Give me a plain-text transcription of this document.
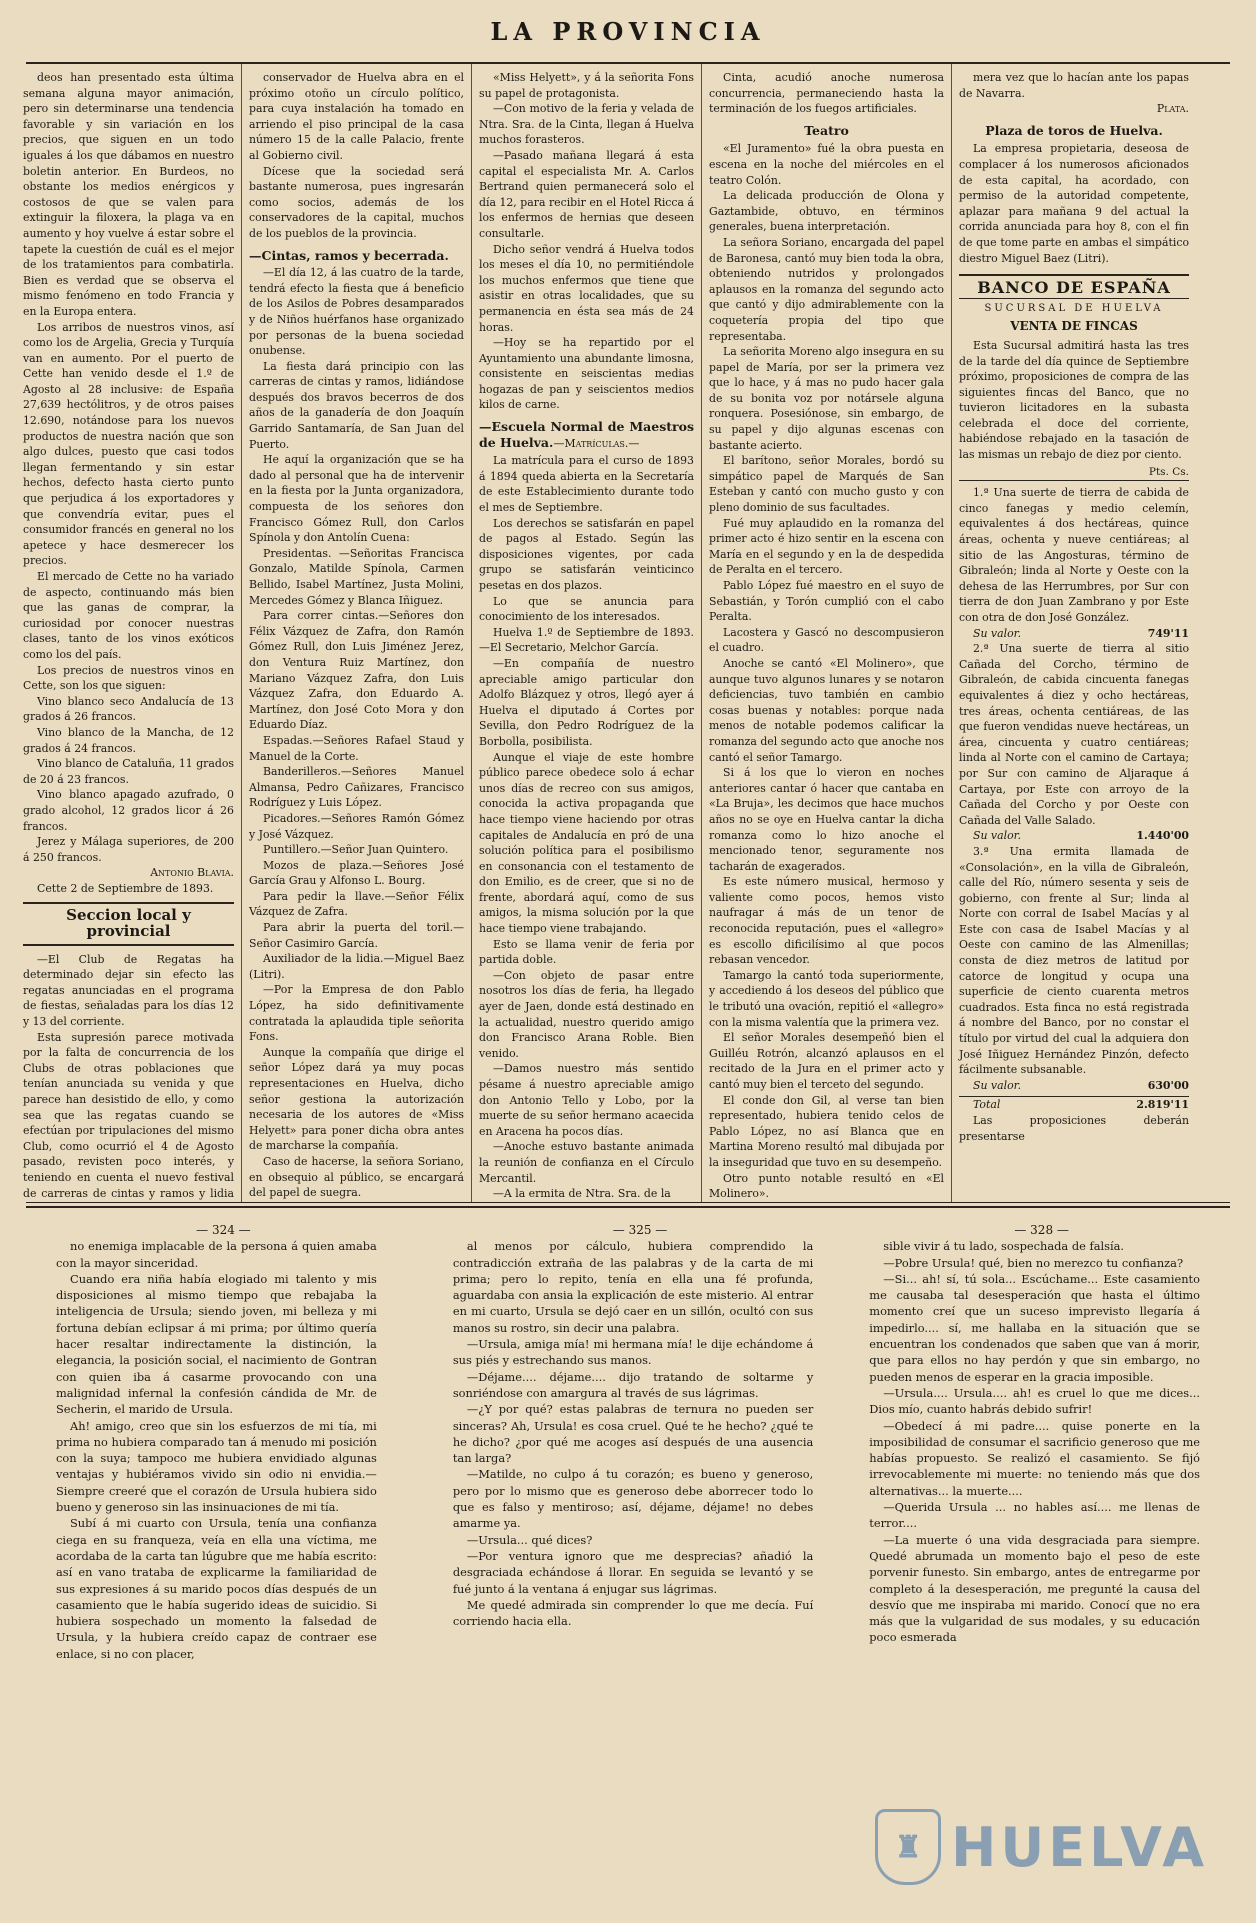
LA PROVINCIA

deos han presentado esta última semana alguna mayor animación, pero sin determinarse una tendencia favorable y sin variación en los precios, que siguen en un todo iguales á los que dábamos en nuestro boletin anterior. En Burdeos, no obstante los medios enérgicos y costosos de que se valen para extinguir la filoxera, la plaga va en aumento y hoy vuelve á estar sobre el tapete la cuestión de cuál es el mejor de los tratamientos para combatirla. Bien es verdad que se observa el mismo fenómeno en todo Francia y en la Europa entera.

Los arribos de nuestros vinos, así como los de Argelia, Grecia y Turquía van en aumento. Por el puerto de Cette han venido desde el 1.º de Agosto al 28 inclusive: de España 27,639 hectólitros, y de otros paises 12.690, notándose para los nuevos productos de nuestra nación que son algo dulces, puesto que casi todos llegan fermentando y sin estar hechos, defecto hasta cierto punto que perjudica á los exportadores y que convendría evitar, pues el consumidor francés en general no los apetece y hace desmerecer los precios.

El mercado de Cette no ha variado de aspecto, continuando más bien que las ganas de comprar, la curiosidad por conocer nuestras clases, tanto de los vinos exóticos como los del país.

Los precios de nuestros vinos en Cette, son los que siguen:

Vino blanco seco Andalucía de 13 grados á 26 francos.

Vino blanco de la Mancha, de 12 grados á 24 francos.

Vino blanco de Cataluña, 11 grados de 20 á 23 francos.

Vino blanco apagado azufrado, 0 grado alcohol, 12 grados licor á 26 francos.

Jerez y Málaga superiores, de 200 á 250 francos.

Antonio Blavia.

Cette 2 de Septiembre de 1893.

Seccion local y provincial

—El Club de Regatas ha determinado dejar sin efecto las regatas anunciadas en el programa de fiestas, señaladas para los días 12 y 13 del corriente.

Esta supresión parece motivada por la falta de concurrencia de los Clubs de otras poblaciones que tenían anunciada su venida y que parece han desistido de ello, y como sea que las regatas cuando se efectúan por tripulaciones del mismo Club, como ocurrió el 4 de Agosto pasado, revisten poco interés, y teniendo en cuenta el nuevo festival de carreras de cintas y ramos y lidia

conservador de Huelva abra en el próximo otoño un círculo político, para cuya instalación ha tomado en arriendo el piso principal de la casa número 15 de la calle Palacio, frente al Gobierno civil.

Dícese que la sociedad será bastante numerosa, pues ingresarán como socios, además de los conservadores de la capital, muchos de los pueblos de la provincia.

—Cintas, ramos y becerrada.

—El día 12, á las cuatro de la tarde, tendrá efecto la fiesta que á beneficio de los Asilos de Pobres desamparados y de Niños huérfanos hase organizado por personas de la buena sociedad onubense.

La fiesta dará principio con las carreras de cintas y ramos, lidiándose después dos bravos becerros de dos años de la ganadería de don Joaquín Garrido Santamaría, de San Juan del Puerto.

He aquí la organización que se ha dado al personal que ha de intervenir en la fiesta por la Junta organizadora, compuesta de los señores don Francisco Gómez Rull, don Carlos Spínola y don Antolín Cuena:

Presidentas. —Señoritas Francisca Gonzalo, Matilde Spínola, Carmen Bellido, Isabel Martínez, Justa Molini, Mercedes Gómez y Blanca Iñiguez.

Para correr cintas.—Señores don Félix Vázquez de Zafra, don Ramón Gómez Rull, don Luis Jiménez Jerez, don Ventura Ruiz Martínez, don Mariano Vázquez Zafra, don Luis Vázquez Zafra, don Eduardo A. Martínez, don José Coto Mora y don Eduardo Díaz.

Espadas.—Señores Rafael Staud y Manuel de la Corte.

Banderilleros.—Señores Manuel Almansa, Pedro Cañizares, Francisco Rodríguez y Luis López.

Picadores.—Señores Ramón Gómez y José Vázquez.

Puntillero.—Señor Juan Quintero.

Mozos de plaza.—Señores José García Grau y Alfonso L. Bourg.

Para pedir la llave.—Señor Félix Vázquez de Zafra.

Para abrir la puerta del toril.—Señor Casimiro García.

Auxiliador de la lidia.—Miguel Baez (Litri).

—Por la Empresa de don Pablo López, ha sido definitivamente contratada la aplaudida tiple señorita Fons.

Aunque la compañía que dirige el señor López dará ya muy pocas representaciones en Huelva, dicho señor gestiona la autorización necesaria de los autores de «Miss Helyett» para poner dicha obra antes de marcharse la compañía.

Caso de hacerse, la señora Soriano, en obsequio al público, se encargará del papel de suegra.

«Miss Helyett», y á la señorita Fons su papel de protagonista.

—Con motivo de la feria y velada de Ntra. Sra. de la Cinta, llegan á Huelva muchos forasteros.

—Pasado mañana llegará á esta capital el especialista Mr. A. Carlos Bertrand quien permanecerá solo el día 12, para recibir en el Hotel Ricca á los enfermos de hernias que deseen consultarle.

Dicho señor vendrá á Huelva todos los meses el día 10, no permitiéndole los muchos enfermos que tiene que asistir en otras localidades, que su permanencia en ésta sea más de 24 horas.

—Hoy se ha repartido por el Ayuntamiento una abundante limosna, consistente en seiscientas medias hogazas de pan y seiscientos medios kilos de carne.

—Escuela Normal de Maestros de Huelva.—Matrículas.—

La matrícula para el curso de 1893 á 1894 queda abierta en la Secretaría de este Establecimiento durante todo el mes de Septiembre.

Los derechos se satisfarán en papel de pagos al Estado. Según las disposiciones vigentes, por cada grupo se satisfarán veinticinco pesetas en dos plazos.

Lo que se anuncia para conocimiento de los interesados.

Huelva 1.º de Septiembre de 1893.—El Secretario, Melchor García.

—En compañía de nuestro apreciable amigo particular don Adolfo Blázquez y otros, llegó ayer á Huelva el diputado á Cortes por Sevilla, don Pedro Rodríguez de la Borbolla, posibilista.

Aunque el viaje de este hombre público parece obedece solo á echar unos días de recreo con sus amigos, conocida la activa propaganda que hace tiempo viene haciendo por otras capitales de Andalucía en pró de una solución política para el posibilismo en consonancia con el testamento de don Emilio, es de creer, que si no de frente, abordará aquí, como de sus amigos, la misma solución por la que hace tiempo viene trabajando.

Esto se llama venir de feria por partida doble.

—Con objeto de pasar entre nosotros los días de feria, ha llegado ayer de Jaen, donde está destinado en la actualidad, nuestro querido amigo don Francisco Arana Roble. Bien venido.

—Damos nuestro más sentido pésame á nuestro apreciable amigo don Antonio Tello y Lobo, por la muerte de su señor hermano acaecida en Aracena ha pocos días.

—Anoche estuvo bastante animada la reunión de confianza en el Círculo Mercantil.

—A la ermita de Ntra. Sra. de la

Cinta, acudió anoche numerosa concurrencia, permaneciendo hasta la terminación de los fuegos artificiales.

Teatro

«El Juramento» fué la obra puesta en escena en la noche del miércoles en el teatro Colón.

La delicada producción de Olona y Gaztambide, obtuvo, en términos generales, buena interpretación.

La señora Soriano, encargada del papel de Baronesa, cantó muy bien toda la obra, obteniendo nutridos y prolongados aplausos en la romanza del segundo acto que cantó y dijo admirablemente con la coquetería propia del tipo que representaba.

La señorita Moreno algo insegura en su papel de María, por ser la primera vez que lo hace, y á mas no pudo hacer gala de su bonita voz por notársele alguna ronquera. Posesiónose, sin embargo, de su papel y dijo algunas escenas con bastante acierto.

El barítono, señor Morales, bordó su simpático papel de Marqués de San Esteban y cantó con mucho gusto y con pleno dominio de sus facultades.

Fué muy aplaudido en la romanza del primer acto é hizo sentir en la escena con María en el segundo y en la de despedida de Peralta en el tercero.

Pablo López fué maestro en el suyo de Sebastián, y Torón cumplió con el cabo Peralta.

Lacostera y Gascó no descompusieron el cuadro.

Anoche se cantó «El Molinero», que aunque tuvo algunos lunares y se notaron deficiencias, tuvo también en cambio cosas buenas y notables: porque nada menos de notable podemos calificar la romanza del segundo acto que anoche nos cantó el señor Tamargo.

Si á los que lo vieron en noches anteriores cantar ó hacer que cantaba en «La Bruja», les decimos que hace muchos años no se oye en Huelva cantar la dicha romanza como lo hizo anoche el mencionado tenor, seguramente nos tacharán de exagerados.

Es este número musical, hermoso y valiente como pocos, hemos visto naufragar á más de un tenor de reconocida reputación, pues el «allegro» es escollo dificilísimo al que pocos rebasan vencedor.

Tamargo la cantó toda superiormente, y accediendo á los deseos del público que le tributó una ovación, repitió el «allegro» con la misma valentía que la primera vez.

El señor Morales desempeñó bien el Guilléu Rotrón, alcanzó aplausos en el recitado de la Jura en el primer acto y cantó muy bien el terceto del segundo.

El conde don Gil, al verse tan bien representado, hubiera tenido celos de Pablo López, no así Blanca que en Martina Moreno resultó mal dibujada por la inseguridad que tuvo en su desempeño.

Otro punto notable resultó en «El Molinero».

mera vez que lo hacían ante los papas de Navarra.

Plata.

Plaza de toros de Huelva.

La empresa propietaria, deseosa de complacer á los numerosos aficionados de esta capital, ha acordado, con permiso de la autoridad competente, aplazar para mañana 9 del actual la corrida anunciada para hoy 8, con el fin de que tome parte en ambas el simpático diestro Miguel Baez (Litri).

BANCO DE ESPAÑA
SUCURSAL DE HUELVA
VENTA DE FINCAS

Esta Sucursal admitirá hasta las tres de la tarde del día quince de Septiembre próximo, proposiciones de compra de las siguientes fincas del Banco, que no tuvieron licitadores en la subasta celebrada el doce del corriente, habiéndose rebajado en la tasación de las mismas un rebajo de diez por ciento.

Pts. Cs.

1.ª Una suerte de tierra de cabida de cinco fanegas y medio celemín, equivalentes á dos hectáreas, quince áreas, ochenta y nueve centiáreas; al sitio de las Angosturas, término de Gibraleón; linda al Norte y Oeste con la dehesa de las Herrumbres, por Sur con tierra de don Juan Zambrano y por Este con otra de don José González.

Su valor.	749'11

2.ª Una suerte de tierra al sitio Cañada del Corcho, término de Gibraleón, de cabida cincuenta fanegas equivalentes á diez y ocho hectáreas, tres áreas, ochenta centiáreas, de las que fueron vendidas nueve hectáreas, un área, cincuenta y cuatro centiáreas; linda al Norte con el camino de Cartaya; por Sur con camino de Aljaraque á Cartaya, por Este con arroyo de la Cañada del Corcho y por Oeste con Cañada del Valle Salado.

Su valor.	1.440'00

3.ª Una ermita llamada de «Consolación», en la villa de Gibraleón, calle del Río, número sesenta y seis de gobierno, con frente al Sur; linda al Norte con corral de Isabel Macías y al Este con casa de Isabel Macías y al Oeste con camino de las Almenillas; consta de diez metros de latitud por catorce de longitud y ocupa una superficie de ciento cuarenta metros cuadrados. Esta finca no está registrada á nombre del Banco, por no constar el título por virtud del cual la adquiera don José Iñiguez Hernández Pinzón, defecto fácilmente subsanable.

Su valor.	630'00

Total	2.819'11

Las proposiciones deberán presentarse

— 324 —

no enemiga implacable de la persona á quien amaba con la mayor sinceridad.

Cuando era niña había elogiado mi talento y mis disposiciones al mismo tiempo que rebajaba la inteligencia de Ursula; siendo joven, mi belleza y mi fortuna debían eclipsar á mi prima; por último quería hacer resaltar indirectamente la distinción, la elegancia, la posición social, el nacimiento de Gontran con quien iba á casarme provocando con una malignidad infernal la confesión cándida de Mr. de Secherin, el marido de Ursula.

Ah! amigo, creo que sin los esfuerzos de mi tía, mi prima no hubiera comparado tan á menudo mi posición con la suya; tampoco me hubiera envidiado algunas ventajas y hubiéramos vivido sin odio ni envidia.—Siempre creeré que el corazón de Ursula hubiera sido bueno y generoso sin las insinuaciones de mi tía.

Subí á mi cuarto con Ursula, tenía una confianza ciega en su franqueza, veía en ella una víctima, me acordaba de la carta tan lúgubre que me había escrito: así en vano trataba de explicarme la familiaridad de sus expresiones á su marido pocos días después de un casamiento que le había sugerido ideas de suicidio. Si hubiera sospechado un momento la falsedad de Ursula, y la hubiera creído capaz de contraer ese enlace, si no con placer,

— 325 —

al menos por cálculo, hubiera comprendido la contradicción extraña de las palabras y de la carta de mi prima; pero lo repito, tenía en ella una fé profunda, aguardaba con ansia la explicación de este misterio. Al entrar en mi cuarto, Ursula se dejó caer en un sillón, ocultó con sus manos su rostro, sin decir una palabra.

—Ursula, amiga mía! mi hermana mía! le dije echándome á sus piés y estrechando sus manos.

—Déjame.... déjame.... dijo tratando de soltarme y sonriéndose con amargura al través de sus lágrimas.

—¿Y por qué? estas palabras de ternura no pueden ser sinceras? Ah, Ursula! es cosa cruel. Qué te he hecho? ¿qué te he dicho? ¿por qué me acoges así después de una ausencia tan larga?

—Matilde, no culpo á tu corazón; es bueno y generoso, pero por lo mismo que es generoso debe aborrecer todo lo que es falso y mentiroso; así, déjame, déjame! no debes amarme ya.

—Ursula... qué dices?

—Por ventura ignoro que me desprecias? añadió la desgraciada echándose á llorar. En seguida se levantó y se fué junto á la ventana á enjugar sus lágrimas.

Me quedé admirada sin comprender lo que me decía. Fuí corriendo hacia ella.

— 328 —

sible vivir á tu lado, sospechada de falsía.

—Pobre Ursula! qué, bien no merezco tu confianza?

—Si... ah! sí, tú sola... Escúchame... Este casamiento me causaba tal desesperación que hasta el último momento creí que un suceso imprevisto llegaría á impedirlo.... sí, me hallaba en la situación que se encuentran los condenados que saben que van á morir, que para ellos no hay perdón y que sin embargo, no pueden menos de esperar en la gracia imposible.

—Ursula.... Ursula.... ah! es cruel lo que me dices... Dios mío, cuanto habrás debido sufrir!

—Obedecí á mi padre.... quise ponerte en la imposibilidad de consumar el sacrificio generoso que me habías propuesto. Se realizó el casamiento. Se fijó irrevocablemente mi muerte: no teniendo más que dos alternativas... la muerte....

—Querida Ursula ... no hables así.... me llenas de terror....

—La muerte ó una vida desgraciada para siempre. Quedé abrumada un momento bajo el peso de este porvenir funesto. Sin embargo, antes de entregarme por completo á la desesperación, me pregunté la causa del desvío que me inspiraba mi marido. Conocí que no era más que la vulgaridad de sus modales, y su educación poco esmerada

♜ HUELVA
